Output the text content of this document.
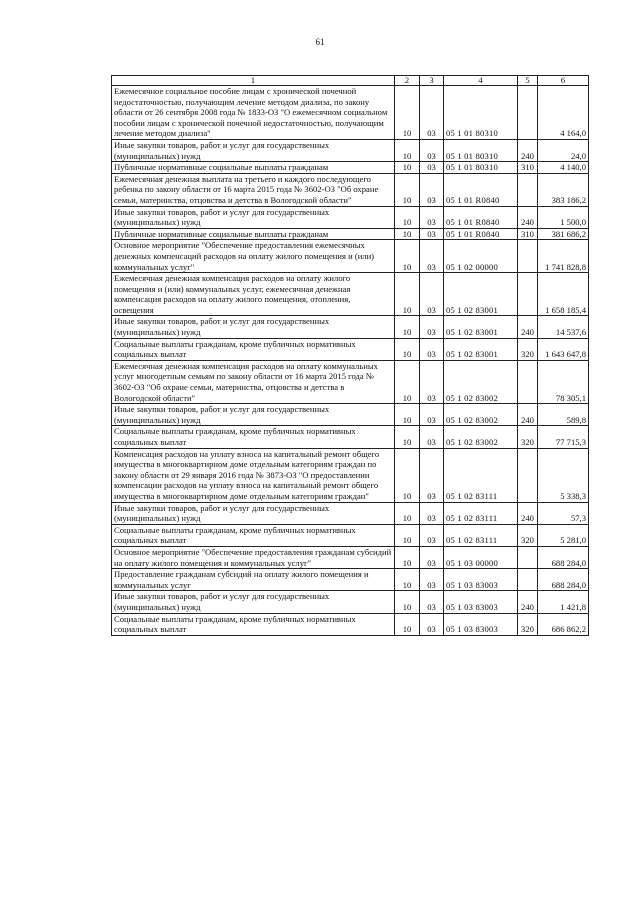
61
1	2	3	4	5	6
Ежемесячное социальное пособие лицам с хронической почечной недостаточностью, получающим лечение методом диализа, по закону области от 26 сентября 2008 года № 1833-ОЗ "О ежемесячном социальном пособии лицам с хронической почечной недостаточностью, получающим лечение методом диализа"	10	03	05 1 01 80310		4 164,0
Иные закупки товаров, работ и услуг для государственных (муниципальных) нужд	10	03	05 1 01 80310	240	24,0
Публичные нормативные социальные выплаты гражданам	10	03	05 1 01 80310	310	4 140,0
Ежемесячная денежная выплата на третьего и каждого последующего ребенка по закону области от 16 марта 2015 года № 3602-ОЗ "Об охране семьи, материнства, отцовства и детства в Вологодской области"	10	03	05 1 01 R0840		383 186,2
Иные закупки товаров, работ и услуг для государственных (муниципальных) нужд	10	03	05 1 01 R0840	240	1 500,0
Публичные нормативные социальные выплаты гражданам	10	03	05 1 01 R0840	310	381 686,2
Основное мероприятие "Обеспечение предоставления ежемесячных денежных компенсаций расходов на оплату жилого помещения и (или) коммунальных услуг"	10	03	05 1 02 00000		1 741 828,8
Ежемесячная денежная компенсация расходов на оплату жилого помещения и (или) коммунальных услуг, ежемесячная денежная компенсация расходов на оплату жилого помещения, отопления, освещения	10	03	05 1 02 83001		1 658 185,4
Иные закупки товаров, работ и услуг для государственных (муниципальных) нужд	10	03	05 1 02 83001	240	14 537,6
Социальные выплаты гражданам, кроме публичных нормативных социальных выплат	10	03	05 1 02 83001	320	1 643 647,8
Ежемесячная денежная компенсация расходов на оплату коммунальных услуг многодетным семьям по закону области от 16 марта 2015 года № 3602-ОЗ "Об охране семьи, материнства, отцовства и детства в Вологодской области"	10	03	05 1 02 83002		78 305,1
Иные закупки товаров, работ и услуг для государственных (муниципальных) нужд	10	03	05 1 02 83002	240	589,8
Социальные выплаты гражданам, кроме публичных нормативных социальных выплат	10	03	05 1 02 83002	320	77 715,3
Компенсация расходов на уплату взноса на капитальный ремонт общего имущества в многоквартирном доме отдельным категориям граждан по закону области от 29 января 2016 года № 3873-ОЗ "О предоставлении компенсации расходов на уплату взноса на капитальный ремонт общего имущества в многоквартирном доме отдельным категориям граждан"	10	03	05 1 02 83111		5 338,3
Иные закупки товаров, работ и услуг для государственных (муниципальных) нужд	10	03	05 1 02 83111	240	57,3
Социальные выплаты гражданам, кроме публичных нормативных социальных выплат	10	03	05 1 02 83111	320	5 281,0
Основное мероприятие "Обеспечение предоставления гражданам субсидий на оплату жилого помещения и коммунальных услуг"	10	03	05 1 03 00000		688 284,0
Предоставление гражданам субсидий на оплату жилого помещения и коммунальных услуг	10	03	05 1 03 83003		688 284,0
Иные закупки товаров, работ и услуг для государственных (муниципальных) нужд	10	03	05 1 03 83003	240	1 421,8
Социальные выплаты гражданам, кроме публичных нормативных социальных выплат	10	03	05 1 03 83003	320	686 862,2
